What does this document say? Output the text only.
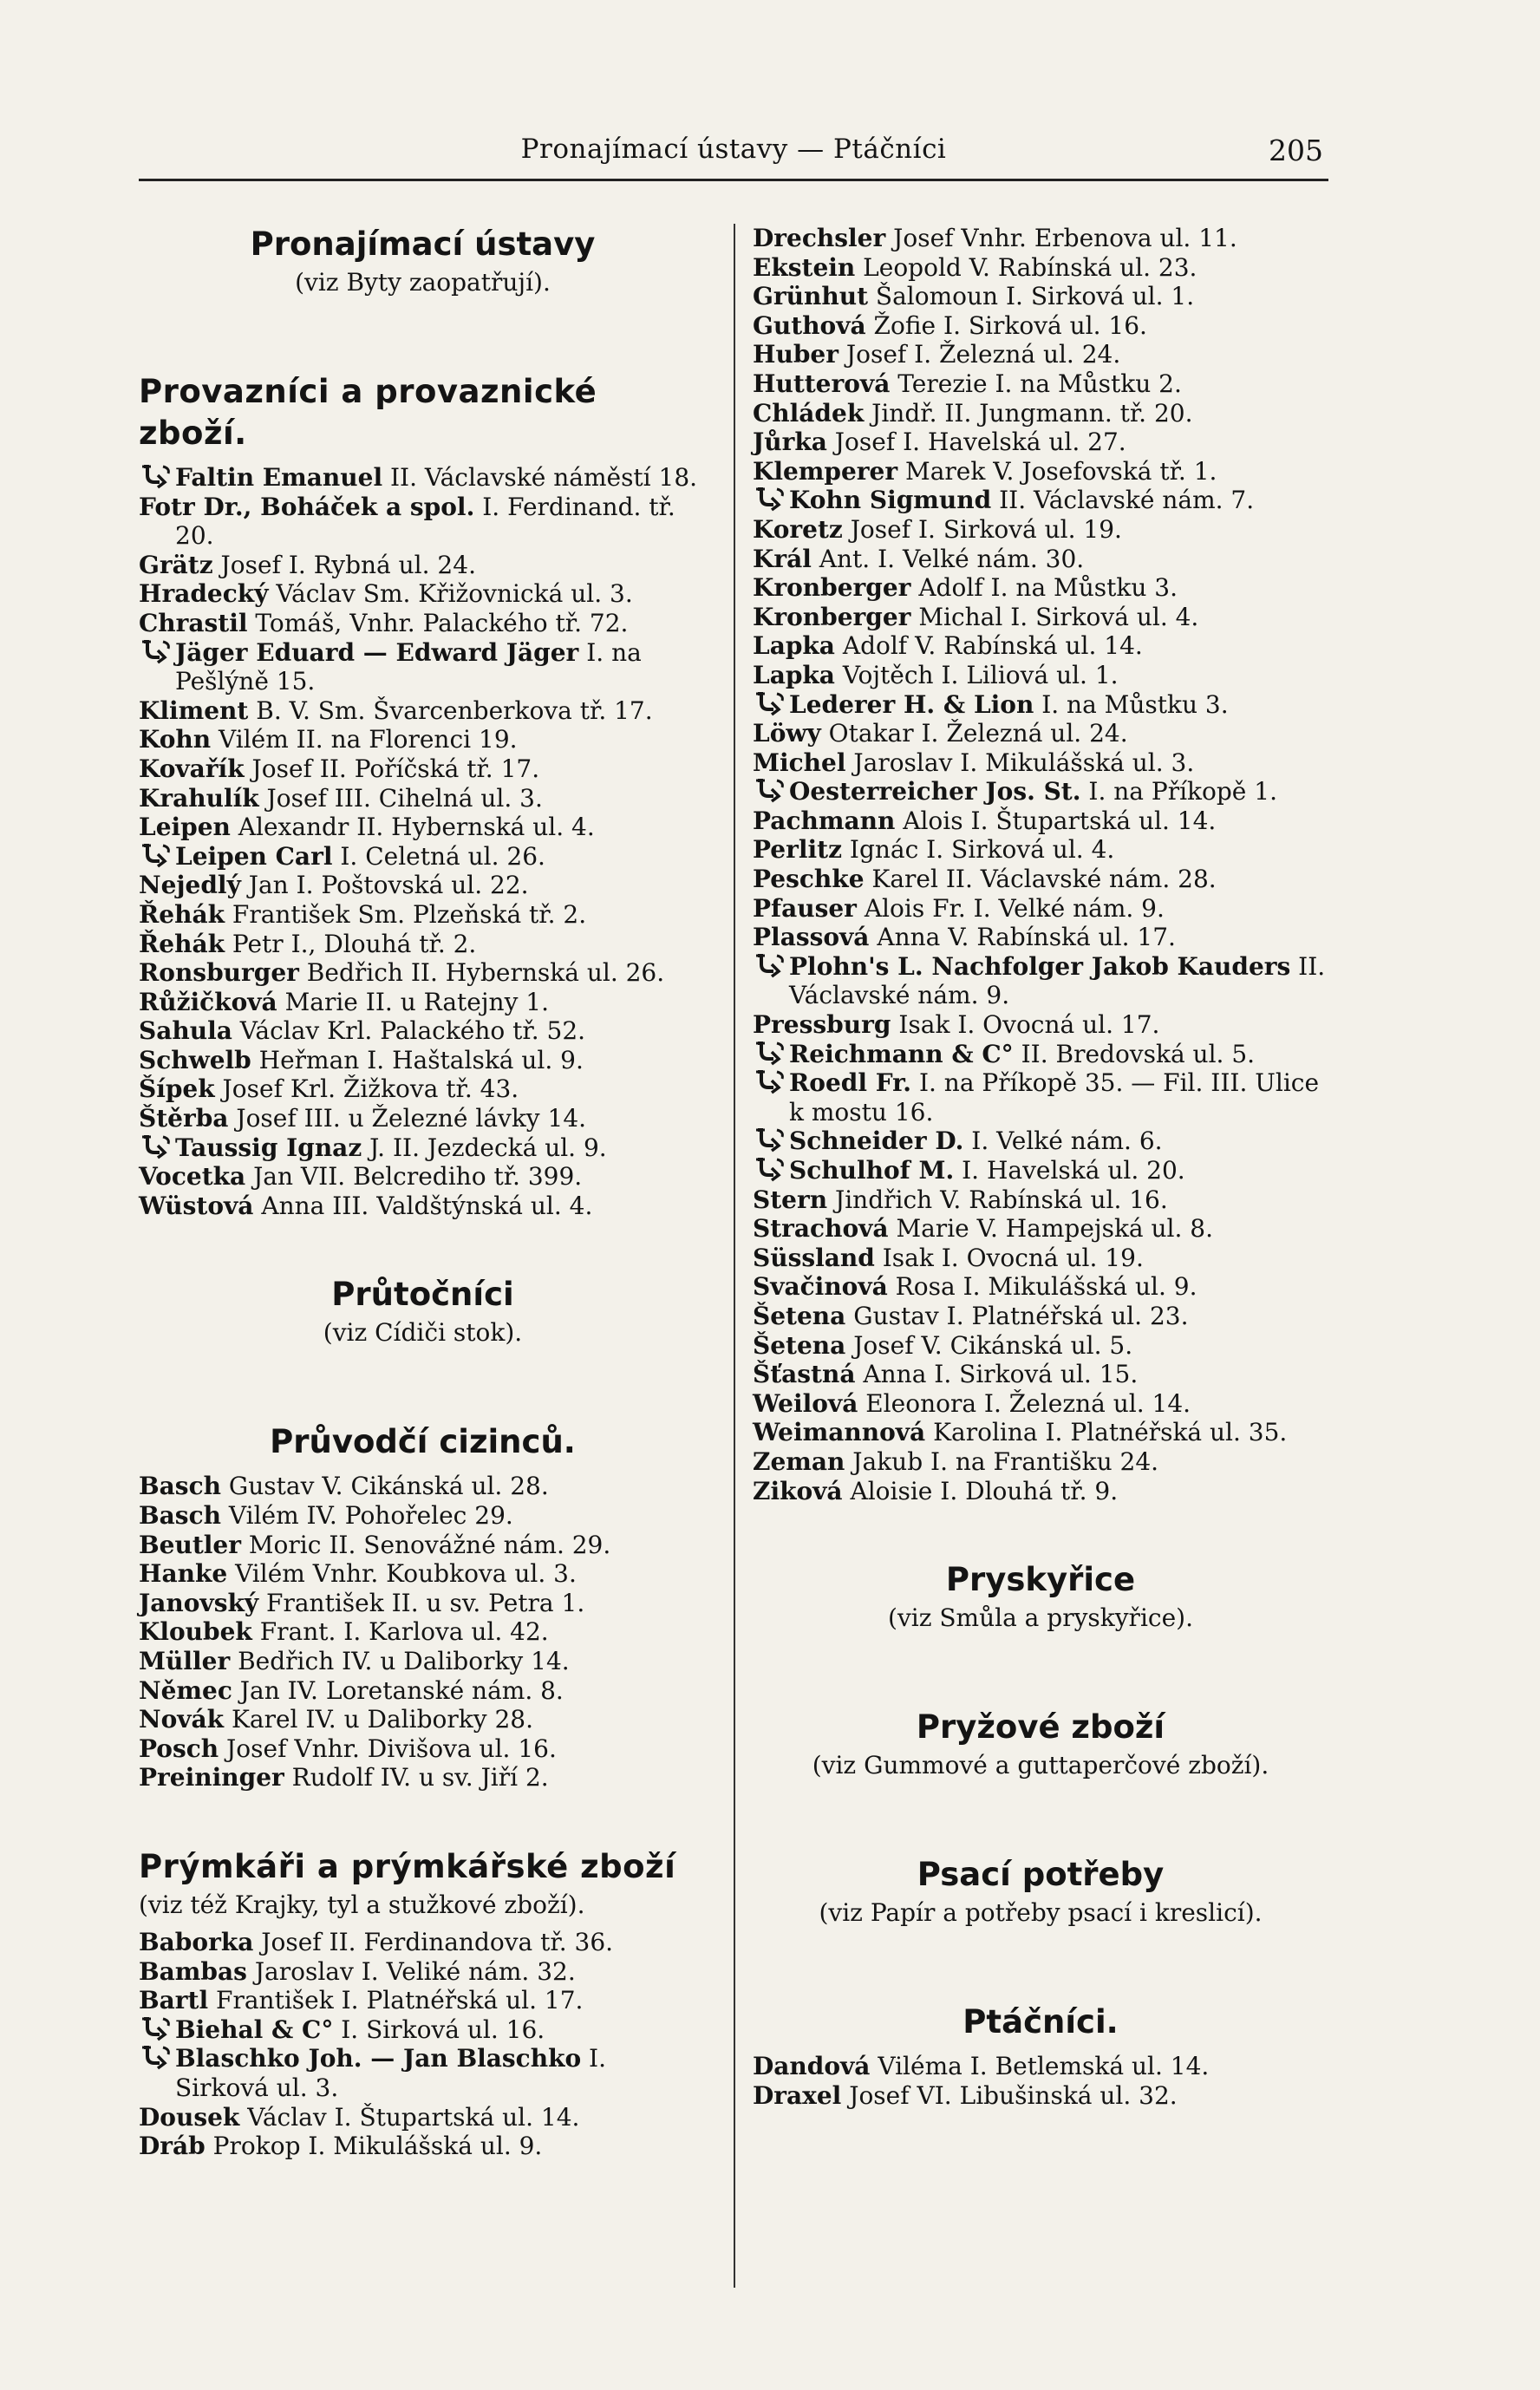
Pronajímací ústavy — Ptáčníci	205
Pronajímací ústavy

(viz Byty zaopatřují).

Provazníci a provaznické zboží.

Faltin Emanuel II. Václavské náměstí 18.

Fotr Dr., Boháček a spol. I. Ferdinand. tř. 20.

Grätz Josef I. Rybná ul. 24.

Hradecký Václav Sm. Křižovnická ul. 3.

Chrastil Tomáš, Vnhr. Palackého tř. 72.

Jäger Eduard — Edward Jäger I. na Pešlýně 15.

Kliment B. V. Sm. Švarcenberkova tř. 17.

Kohn Vilém II. na Florenci 19.

Kovařík Josef II. Poříčská tř. 17.

Krahulík Josef III. Cihelná ul. 3.

Leipen Alexandr II. Hybernská ul. 4.

Leipen Carl I. Celetná ul. 26.

Nejedlý Jan I. Poštovská ul. 22.

Řehák František Sm. Plzeňská tř. 2.

Řehák Petr I., Dlouhá tř. 2.

Ronsburger Bedřich II. Hybernská ul. 26.

Růžičková Marie II. u Ratejny 1.

Sahula Václav Krl. Palackého tř. 52.

Schwelb Heřman I. Haštalská ul. 9.

Šípek Josef Krl. Žižkova tř. 43.

Štěrba Josef III. u Železné lávky 14.

Taussig Ignaz J. II. Jezdecká ul. 9.

Vocetka Jan VII. Belcrediho tř. 399.

Wüstová Anna III. Valdštýnská ul. 4.

Průtočníci

(viz Cídiči stok).

Průvodčí cizinců.

Basch Gustav V. Cikánská ul. 28.

Basch Vilém IV. Pohořelec 29.

Beutler Moric II. Senovážné nám. 29.

Hanke Vilém Vnhr. Koubkova ul. 3.

Janovský František II. u sv. Petra 1.

Kloubek Frant. I. Karlova ul. 42.

Müller Bedřich IV. u Daliborky 14.

Němec Jan IV. Loretanské nám. 8.

Novák Karel IV. u Daliborky 28.

Posch Josef Vnhr. Divišova ul. 16.

Preininger Rudolf IV. u sv. Jiří 2.

Prýmkáři a prýmkářské zboží

(viz též Krajky, tyl a stužkové zboží).

Baborka Josef II. Ferdinandova tř. 36.

Bambas Jaroslav I. Veliké nám. 32.

Bartl František I. Platnéřská ul. 17.

Biehal & C° I. Sirková ul. 16.

Blaschko Joh. — Jan Blaschko I. Sirková ul. 3.

Dousek Václav I. Štupartská ul. 14.

Dráb Prokop I. Mikulášská ul. 9.

Drechsler Josef Vnhr. Erbenova ul. 11.

Ekstein Leopold V. Rabínská ul. 23.

Grünhut Šalomoun I. Sirková ul. 1.

Guthová Žofie I. Sirková ul. 16.

Huber Josef I. Železná ul. 24.

Hutterová Terezie I. na Můstku 2.

Chládek Jindř. II. Jungmann. tř. 20.

Jůrka Josef I. Havelská ul. 27.

Klemperer Marek V. Josefovská tř. 1.

Kohn Sigmund II. Václavské nám. 7.

Koretz Josef I. Sirková ul. 19.

Král Ant. I. Velké nám. 30.

Kronberger Adolf I. na Můstku 3.

Kronberger Michal I. Sirková ul. 4.

Lapka Adolf V. Rabínská ul. 14.

Lapka Vojtěch I. Liliová ul. 1.

Lederer H. & Lion I. na Můstku 3.

Löwy Otakar I. Železná ul. 24.

Michel Jaroslav I. Mikulášská ul. 3.

Oesterreicher Jos. St. I. na Příkopě 1.

Pachmann Alois I. Štupartská ul. 14.

Perlitz Ignác I. Sirková ul. 4.

Peschke Karel II. Václavské nám. 28.

Pfauser Alois Fr. I. Velké nám. 9.

Plassová Anna V. Rabínská ul. 17.

Plohn's L. Nachfolger Jakob Kauders II. Václavské nám. 9.

Pressburg Isak I. Ovocná ul. 17.

Reichmann & C° II. Bredovská ul. 5.

Roedl Fr. I. na Příkopě 35. — Fil. III. Ulice k mostu 16.

Schneider D. I. Velké nám. 6.

Schulhof M. I. Havelská ul. 20.

Stern Jindřich V. Rabínská ul. 16.

Strachová Marie V. Hampejská ul. 8.

Süssland Isak I. Ovocná ul. 19.

Svačinová Rosa I. Mikulášská ul. 9.

Šetena Gustav I. Platnéřská ul. 23.

Šetena Josef V. Cikánská ul. 5.

Šťastná Anna I. Sirková ul. 15.

Weilová Eleonora I. Železná ul. 14.

Weimannová Karolina I. Platnéřská ul. 35.

Zeman Jakub I. na Františku 24.

Ziková Aloisie I. Dlouhá tř. 9.

Pryskyřice

(viz Smůla a pryskyřice).

Pryžové zboží

(viz Gummové a guttaperčové zboží).

Psací potřeby

(viz Papír a potřeby psací i kreslicí).

Ptáčníci.

Dandová Viléma I. Betlemská ul. 14.

Draxel Josef VI. Libušinská ul. 32.
